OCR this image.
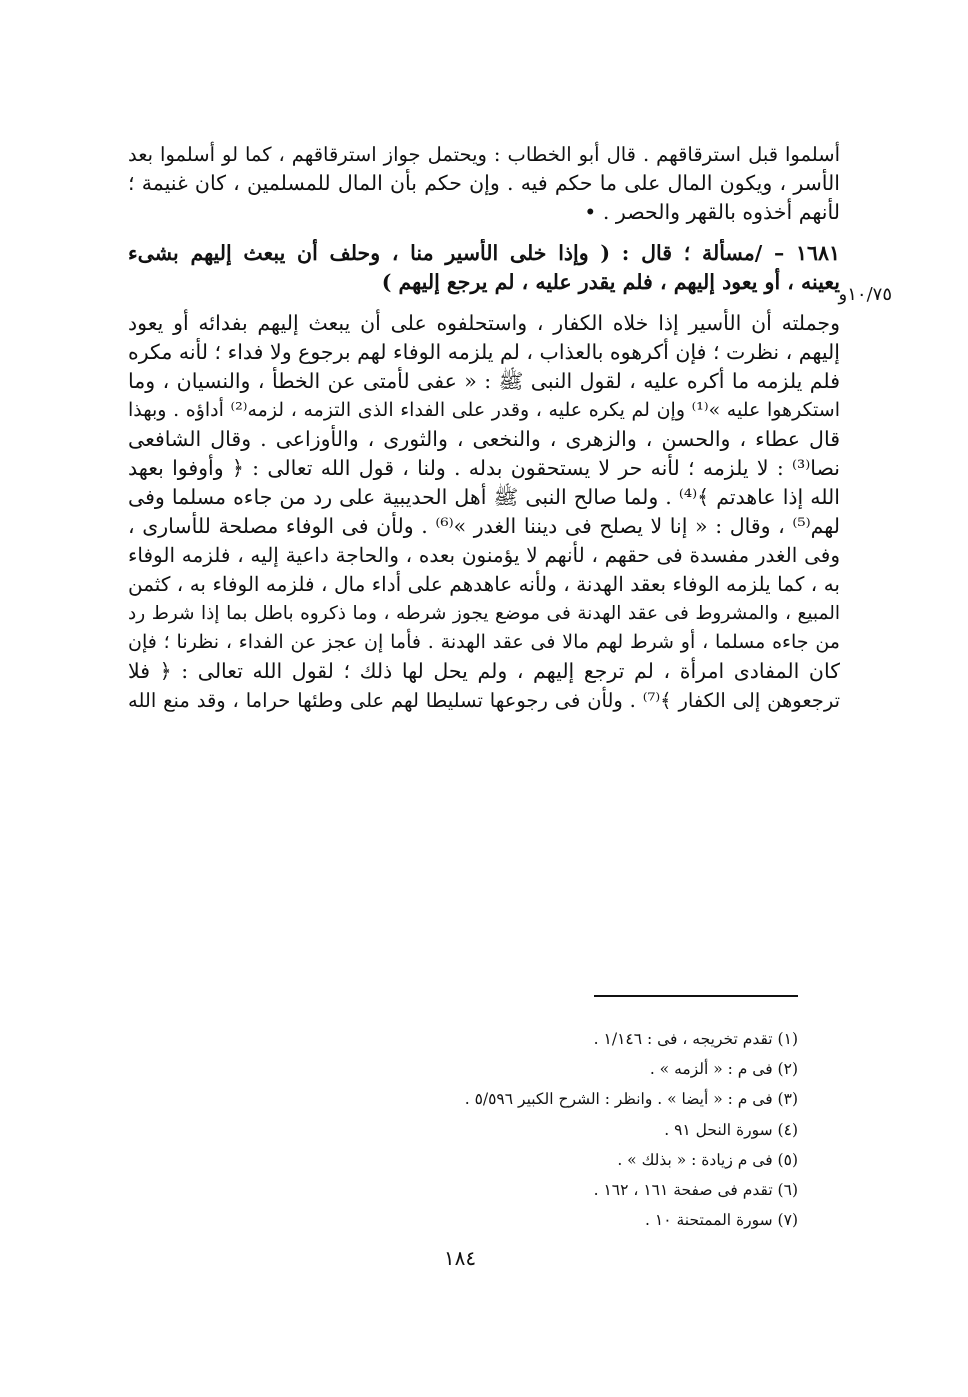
١٠/٧٥و
أسلموا قبل استرقاقهم . قال أبو الخطاب : ويحتمل جواز استرقاقهم ، كما لو أسلموا بعد
الأسر ، ويكون المال على ما حكم فيه . وإن حكم بأن المال للمسلمين ، كان غنيمة ؛
لأنهم أخذوه بالقهر والحصر . •
١٦٨١ – /مسألة ؛ قال : ( وإذا خلى الأسير منا ، وحلف أن يبعث إليهم بشىء
يعينه ، أو يعود إليهم ، فلم يقدر عليه ، لم يرجع إليهم )
وجملته أن الأسير إذا خلاه الكفار ، واستحلفوه على أن يبعث إليهم بفدائه أو يعود
إليهم ، نظرت ؛ فإن أكرهوه بالعذاب ، لم يلزمه الوفاء لهم برجوع ولا فداء ؛ لأنه مكره
فلم يلزمه ما أكره عليه ، لقول النبى ﷺ : « عفى لأمتى عن الخطأ ، والنسيان ، وما
استكرهوا عليه »⁽¹⁾ وإن لم يكره عليه ، وقدر على الفداء الذى التزمه ، لزمه⁽²⁾ أداؤه . وبهذا
قال عطاء ، والحسن ، والزهرى ، والنخعى ، والثورى ، والأوزاعى . وقال الشافعى
نصا⁽³⁾ : لا يلزمه ؛ لأنه حر لا يستحقون بدله . ولنا ، قول الله تعالى : ﴿ وأوفوا بعهد
الله إذا عاهدتم ﴾⁽⁴⁾ . ولما صالح النبى ﷺ أهل الحديبية على رد من جاءه مسلما وفى
لهم⁽⁵⁾ ، وقال : « إنا لا يصلح فى ديننا الغدر »⁽⁶⁾ . ولأن فى الوفاء مصلحة للأسارى ،
وفى الغدر مفسدة فى حقهم ، لأنهم لا يؤمنون بعده ، والحاجة داعية إليه ، فلزمه الوفاء
به ، كما يلزمه الوفاء بعقد الهدنة ، ولأنه عاهدهم على أداء مال ، فلزمه الوفاء به ، كثمن
المبيع ، والمشروط فى عقد الهدنة فى موضع يجوز شرطه ، وما ذكروه باطل بما إذا شرط رد
من جاءه مسلما ، أو شرط لهم مالا فى عقد الهدنة . فأما إن عجز عن الفداء ، نظرنا ؛ فإن
كان المفادى امرأة ، لم ترجع إليهم ، ولم يحل لها ذلك ؛ لقول الله تعالى : ﴿ فلا
ترجعوهن إلى الكفار ﴾⁽⁷⁾ . ولأن فى رجوعها تسليطا لهم على وطئها حراما ، وقد منع الله
(١) تقدم تخريجه ، فى : ١/١٤٦ .
(٢) فى م : « ألزمه » .
(٣) فى م : « أيضا » . وانظر : الشرح الكبير ٥/٥٩٦ .
(٤) سورة النحل ٩١ .
(٥) فى م زيادة : « بذلك » .
(٦) تقدم فى صفحة ١٦١ ، ١٦٢ .
(٧) سورة الممتحنة ١٠ .
١٨٤
